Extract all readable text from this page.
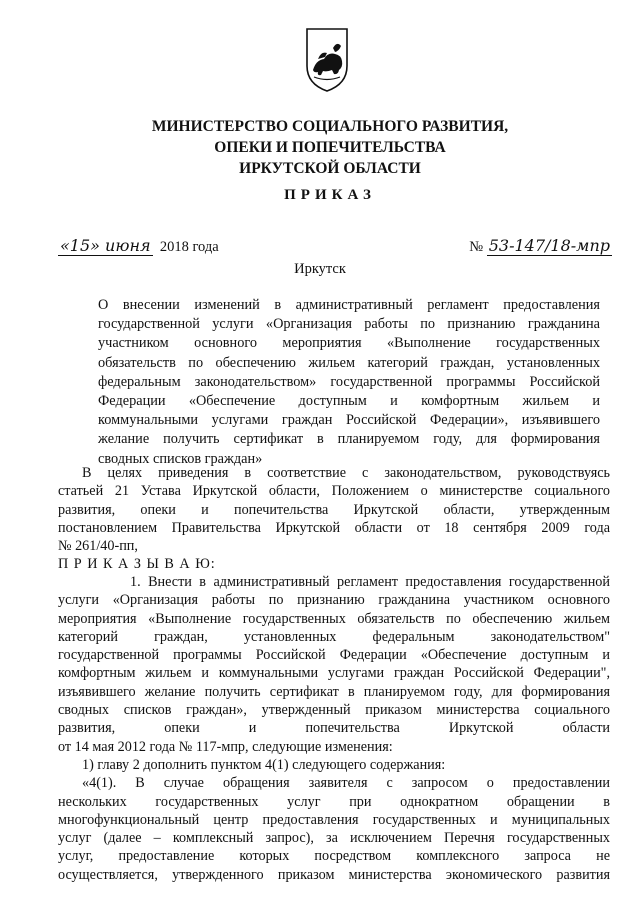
МИНИСТЕРСТВО СОЦИАЛЬНОГО РАЗВИТИЯ,
ОПЕКИ И ПОПЕЧИТЕЛЬСТВА
ИРКУТСКОЙ ОБЛАСТИ
ПРИКАЗ
«15» июня 2018 года	№ 53-147/18-мпр
Иркутск
О внесении изменений в административный регламент предоставления
государственной услуги «Организация работы по признанию гражданина
участником основного мероприятия «Выполнение государственных
обязательств по обеспечению жильем категорий граждан, установленных
федеральным законодательством» государственной программы Российской
Федерации «Обеспечение доступным и комфортным жильем и
коммунальными услугами граждан Российской Федерации», изъявившего
желание получить сертификат в планируемом году, для формирования
сводных списков граждан»
В целях приведения в соответствие с законодательством, руководствуясь
статьей 21 Устава Иркутской области, Положением о министерстве социального
развития, опеки и попечительства Иркутской области, утвержденным
постановлением Правительства Иркутской области от 18 сентября 2009 года
№ 261/40-пп,
П Р И К А З Ы В А Ю:
1. Внести в административный регламент предоставления государственной
услуги «Организация работы по признанию гражданина участником основного
мероприятия «Выполнение государственных обязательств по обеспечению жильем
категорий граждан, установленных федеральным законодательством"
государственной программы Российской Федерации «Обеспечение доступным и
комфортным жильем и коммунальными услугами граждан Российской Федерации",
изъявившего желание получить сертификат в планируемом году, для формирования
сводных списков граждан», утвержденный приказом министерства социального
развития, опеки и попечительства Иркутской области
от 14 мая 2012 года № 117-мпр, следующие изменения:
1) главу 2 дополнить пунктом 4(1) следующего содержания:
«4(1). В случае обращения заявителя с запросом о предоставлении
нескольких государственных услуг при однократном обращении в
многофункциональный центр предоставления государственных и муниципальных
услуг (далее – комплексный запрос), за исключением Перечня государственных
услуг, предоставление которых посредством комплексного запроса не
осуществляется, утвержденного приказом министерства экономического развития
